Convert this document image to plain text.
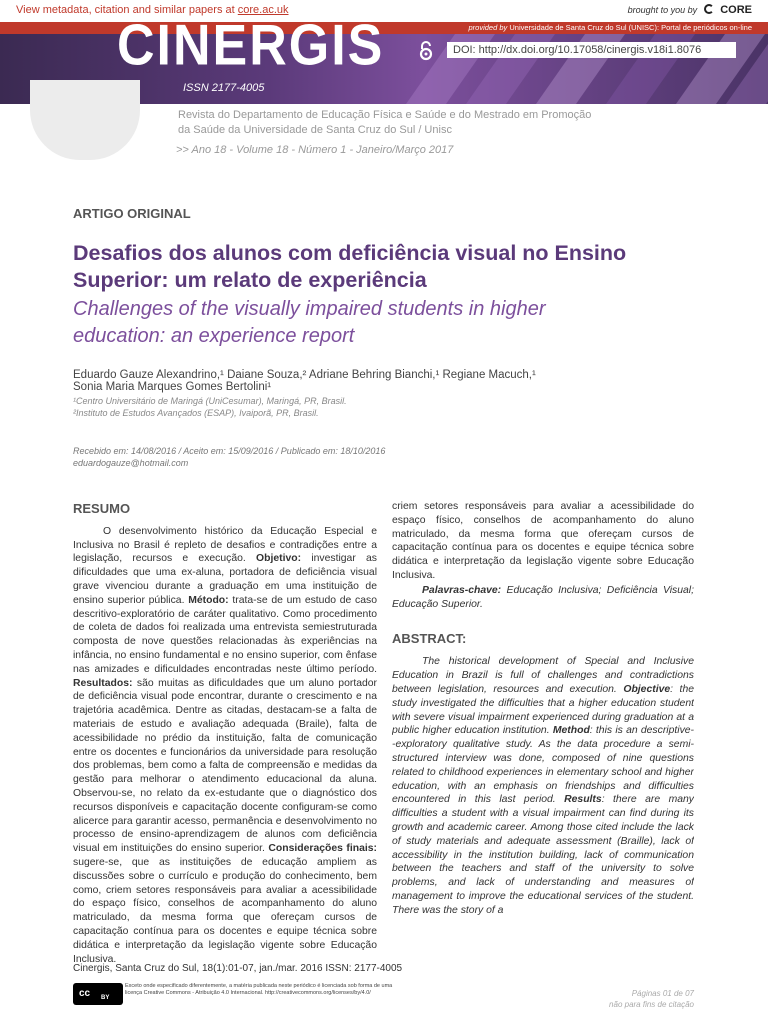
View metadata, citation and similar papers at core.ac.uk	brought to you by CORE
provided by Universidade de Santa Cruz do Sul (UNISC): Portal de periódicos on-line
CINERGIS
ISSN 2177-4005
DOI: http://dx.doi.org/10.17058/cinergis.v18i1.8076
Revista do Departamento de Educação Física e Saúde e do Mestrado em Promoção da Saúde da Universidade de Santa Cruz do Sul / Unisc
>> Ano 18 - Volume 18 - Número 1 - Janeiro/Março 2017
ARTIGO ORIGINAL
Desafios dos alunos com deficiência visual no Ensino Superior: um relato de experiência
Challenges of the visually impaired students in higher education: an experience report
Eduardo Gauze Alexandrino,¹ Daiane Souza,² Adriane Behring Bianchi,¹ Regiane Macuch,¹
Sonia Maria Marques Gomes Bertolini¹
¹Centro Universitário de Maringá (UniCesumar), Maringá, PR, Brasil.
²Instituto de Estudos Avançados (ESAP), Ivaiporã, PR, Brasil.
Recebido em: 14/08/2016 / Aceito em: 15/09/2016 / Publicado em: 18/10/2016
eduardogauze@hotmail.com
RESUMO

O desenvolvimento histórico da Educação Especial e Inclusiva no Brasil é repleto de desafios e contradições entre a legislação, recursos e execução. Objetivo: investigar as dificuldades que uma ex-aluna, portadora de deficiência visual grave vivenciou durante a graduação em uma instituição de ensino superior pública. Método: trata-se de um estudo de caso descritivo-exploratório de caráter qualitativo. Como procedimento de coleta de dados foi realizada uma entrevista semiestruturada composta de nove questões relacionadas às experiências na infância, no ensino fundamental e no ensino superior, com ênfase nas amizades e dificuldades encontradas neste último período. Resultados: são muitas as dificuldades que um aluno portador de deficiência visual pode encontrar, durante o crescimento e na trajetória acadêmica. Dentre as citadas, destacam-se a falta de materiais de estudo e avaliação adequada (Braile), falta de acessibilidade no prédio da instituição, falta de comunicação entre os docentes e funcionários da universidade para resolução dos problemas, bem como a falta de compreensão e medidas da gestão para melhorar o atendimento educacional da aluna. Observou-se, no relato da ex-estudante que o diagnóstico dos recursos disponíveis e capacitação docente configuram-se como alicerce para garantir acesso, permanência e desenvolvimento no processo de ensino-aprendizagem de alunos com deficiência visual em instituições do ensino superior. Considerações finais: sugere-se, que as instituições de educação ampliem as discussões sobre o currículo e produção do conhecimento, bem como, criem setores responsáveis para avaliar a acessibilidade do espaço físico, conselhos de acompanhamento do aluno matriculado, da mesma forma que ofereçam cursos de capacitação contínua para os docentes e equipe técnica sobre didática e interpretação da legislação vigente sobre Educação Inclusiva.

criem setores responsáveis para avaliar a acessibilidade do espaço físico, conselhos de acompanhamento do aluno matriculado, da mesma forma que ofereçam cursos de capacitação contínua para os docentes e equipe técnica sobre didática e interpretação da legislação vigente sobre Educação Inclusiva.

Palavras-chave: Educação Inclusiva; Deficiência Visual; Educação Superior.

ABSTRACT:

The historical development of Special and Inclusive Education in Brazil is full of challenges and contradictions between legislation, resources and execution. Objective: the study investigated the difficulties that a higher education student with severe visual impairment experienced during graduation at a public higher education institution. Method: this is an descriptive--exploratory qualitative study. As the data procedure a semi-structured interview was done, composed of nine questions related to childhood experiences in elementary school and higher education, with an emphasis on friendships and difficulties encountered in this last period. Results: there are many difficulties a student with a visual impairment can find during its growth and academic career. Among those cited include the lack of study materials and adequate assessment (Braille), lack of accessibility in the institution building, lack of communication between the teachers and staff of the university to solve problems, and lack of understanding and measures of management to improve the educational services of the student. There was the story of a

Cinergis, Santa Cruz do Sul, 18(1):01-07, jan./mar. 2016 ISSN: 2177-4005
cc BY
Exceto onde especificado diferentemente, a matéria publicada neste periódico é licenciada sob forma de uma licença Creative Commons - Atribuição 4.0 Internacional. http://creativecommons.org/licenses/by/4.0/	Páginas 01 de 07
não para fins de citação
